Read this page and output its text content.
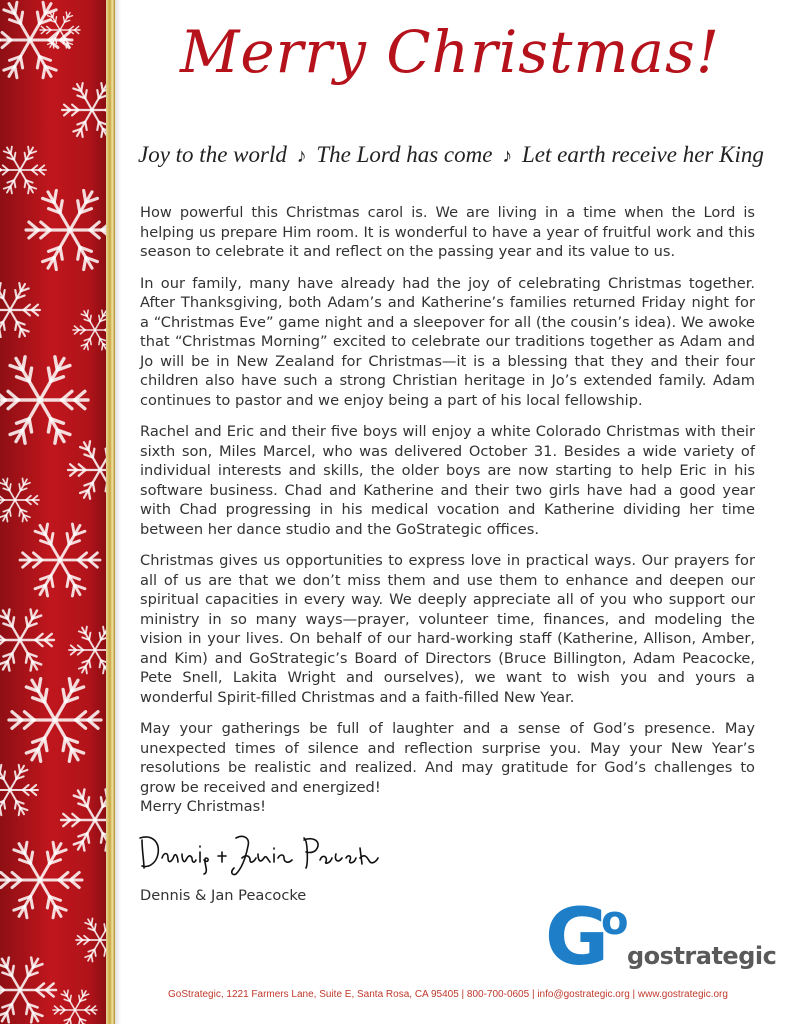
Merry Christmas!
Joy to the world ♪ The Lord has come ♪ Let earth receive her King

How powerful this Christmas carol is. We are living in a time when the Lord is helping us prepare Him room. It is wonderful to have a year of fruitful work and this season to celebrate it and reflect on the passing year and its value to us.

In our family, many have already had the joy of celebrating Christmas together. After Thanksgiving, both Adam’s and Katherine’s families returned Friday night for a “Christmas Eve” game night and a sleepover for all (the cousin’s idea). We awoke that “Christmas Morning” excited to celebrate our traditions together as Adam and Jo will be in New Zealand for Christmas—it is a blessing that they and their four children also have such a strong Christian heritage in Jo’s extended family. Adam continues to pastor and we enjoy being a part of his local fellowship.

Rachel and Eric and their five boys will enjoy a white Colorado Christmas with their sixth son, Miles Marcel, who was delivered October 31. Besides a wide variety of individual interests and skills, the older boys are now starting to help Eric in his software business. Chad and Katherine and their two girls have had a good year with Chad progressing in his medical vocation and Katherine dividing her time between her dance studio and the GoStrategic offices.

Christmas gives us opportunities to express love in practical ways. Our prayers for all of us are that we don’t miss them and use them to enhance and deepen our spiritual capacities in every way. We deeply appreciate all of you who support our ministry in so many ways—prayer, volunteer time, finances, and modeling the vision in your lives. On behalf of our hard-working staff (Katherine, Allison, Amber, and Kim) and GoStrategic’s Board of Directors (Bruce Billington, Adam Peacocke, Pete Snell, Lakita Wright and ourselves), we want to wish you and yours a wonderful Spirit-filled Christmas and a faith-filled New Year.

May your gatherings be full of laughter and a sense of God’s presence. May unexpected times of silence and reflection surprise you. May your New Year’s resolutions be realistic and realized. And may gratitude for God’s challenges to grow be received and energized!

Merry Christmas!
Dennis & Jan Peacocke	G
o
gostrategic
GoStrategic, 1221 Farmers Lane, Suite E, Santa Rosa, CA 95405 | 800-700-0605 | info@gostrategic.org | www.gostrategic.org
